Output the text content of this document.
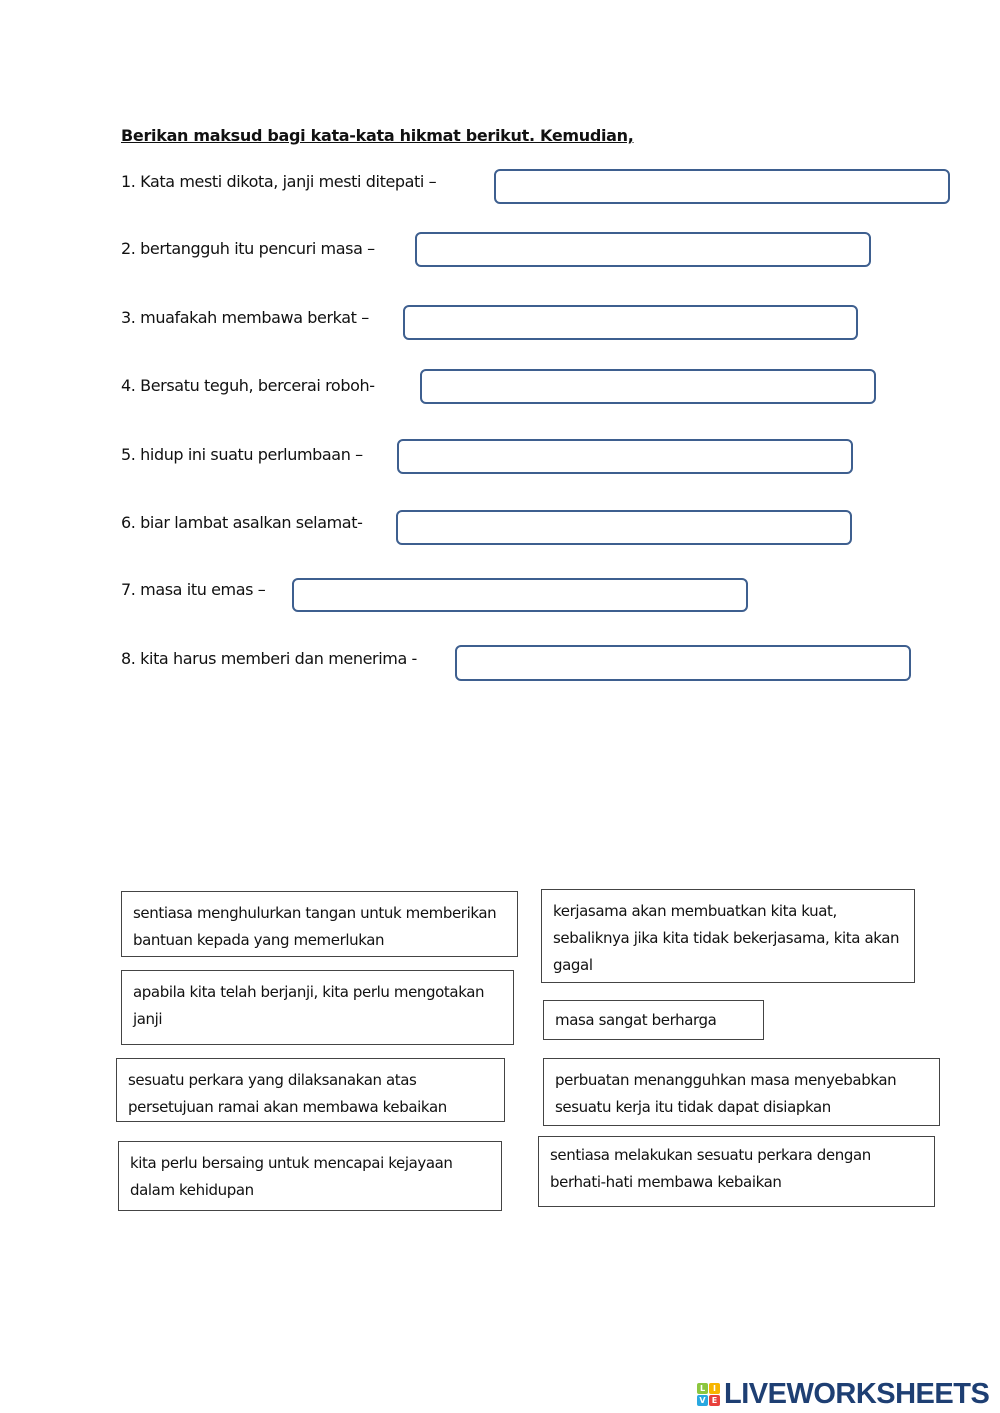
Berikan maksud bagi kata-kata hikmat berikut. Kemudian,
1. Kata mesti dikota, janji mesti ditepati –
2. bertangguh itu pencuri masa –
3. muafakah membawa berkat –
4. Bersatu teguh, bercerai roboh-
5. hidup ini suatu perlumbaan –
6. biar lambat asalkan selamat-
7. masa itu emas –
8. kita harus memberi dan menerima -
sentiasa menghulurkan tangan untuk memberikan bantuan kepada yang memerlukan
kerjasama akan membuatkan kita kuat, sebaliknya jika kita tidak bekerjasama, kita akan gagal
apabila kita telah berjanji, kita perlu mengotakan janji	masa sangat berharga
sesuatu perkara yang dilaksanakan atas persetujuan ramai akan membawa kebaikan
perbuatan menangguhkan masa menyebabkan sesuatu kerja itu tidak dapat disiapkan
kita perlu bersaing untuk mencapai kejayaan dalam kehidupan
sentiasa melakukan sesuatu perkara dengan berhati-hati membawa kebaikan
L I
V E LIVEWORKSHEETS
